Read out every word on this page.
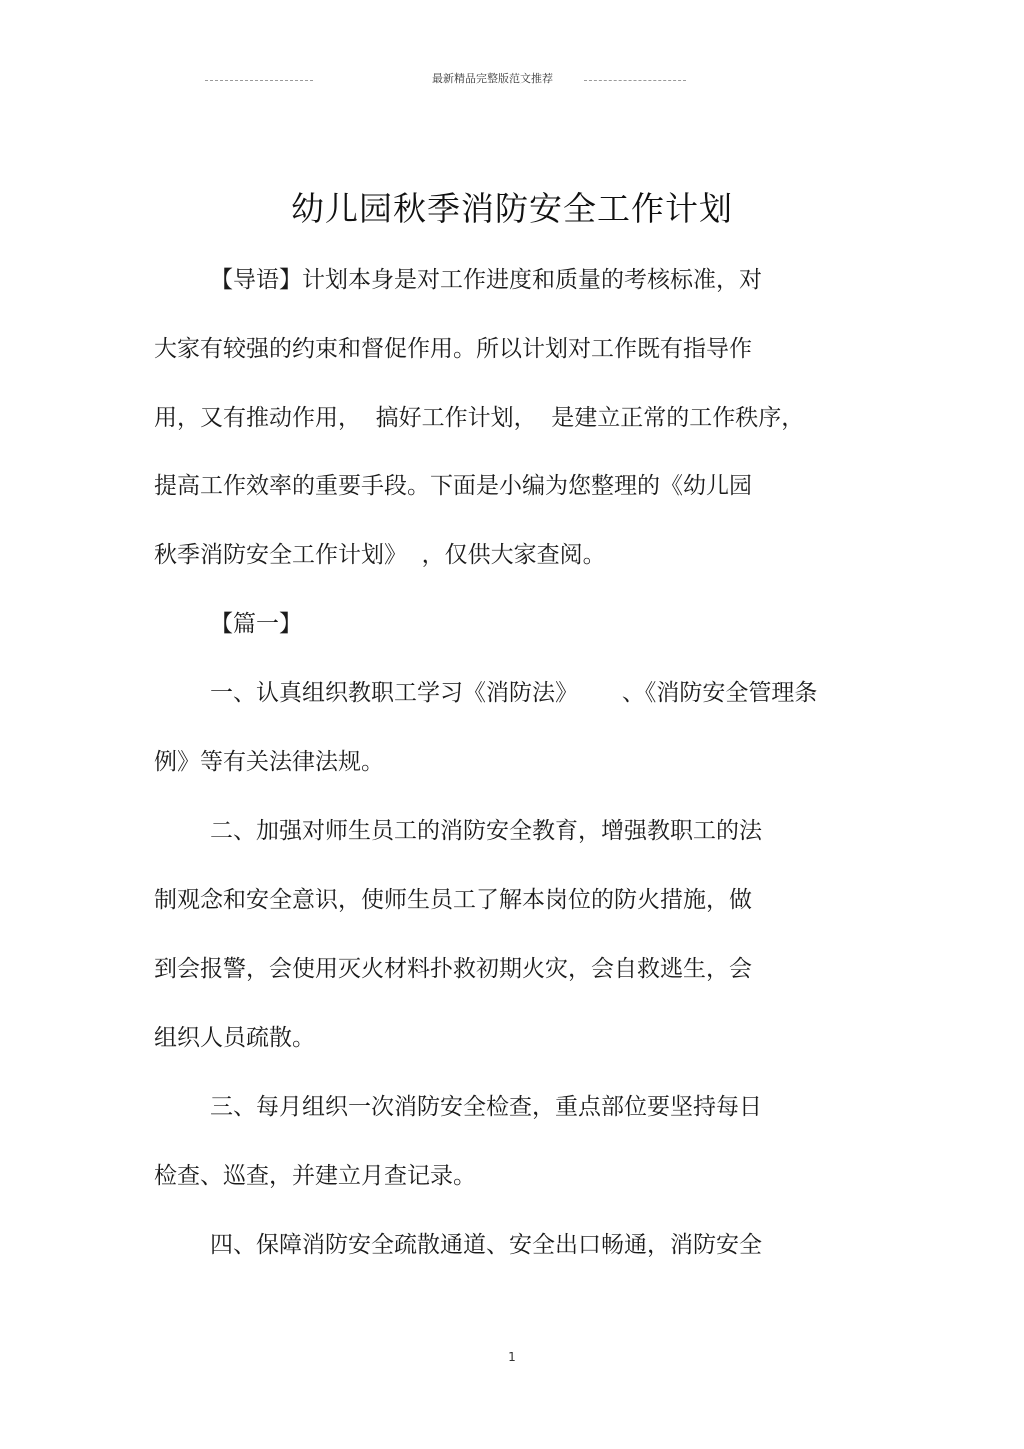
最新精品完整版范文推荐
幼儿园秋季消防安全工作计划
【导语】计划本身是对工作进度和质量的考核标准，对
大家有较强的约束和督促作用。所以计划对工作既有指导作
用，又有推动作用，  搞好工作计划，  是建立正常的工作秩序，
提高工作效率的重要手段。下面是小编为您整理的《幼儿园
秋季消防安全工作计划》  ，仅供大家查阅。
【篇一】
一、认真组织教职工学习《消防法》      、《消防安全管理条
例》等有关法律法规。
二、加强对师生员工的消防安全教育，增强教职工的法
制观念和安全意识，使师生员工了解本岗位的防火措施，做
到会报警，会使用灭火材料扑救初期火灾，会自救逃生，会
组织人员疏散。
三、每月组织一次消防安全检查，重点部位要坚持每日
检查、巡查，并建立月查记录。
四、保障消防安全疏散通道、安全出口畅通，消防安全
1
